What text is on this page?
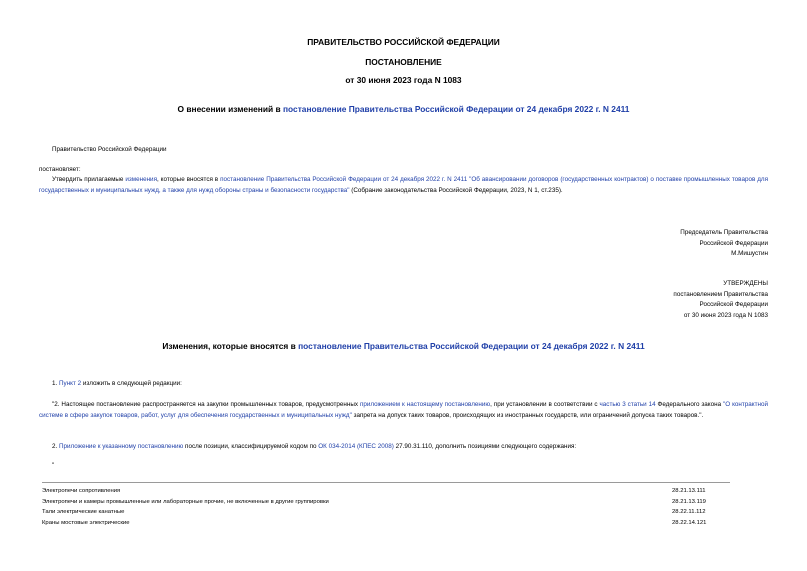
ПРАВИТЕЛЬСТВО РОССИЙСКОЙ ФЕДЕРАЦИИ
ПОСТАНОВЛЕНИЕ
от 30 июня 2023 года N 1083
О внесении изменений в постановление Правительства Российской Федерации от 24 декабря 2022 г. N 2411
Правительство Российской Федерации
постановляет:
Утвердить прилагаемые изменения, которые вносятся в постановление Правительства Российской Федерации от 24 декабря 2022 г. N 2411 "Об авансировании договоров (государственных контрактов) о поставке промышленных товаров для государственных и муниципальных нужд, а также для нужд обороны страны и безопасности государства" (Собрание законодательства Российской Федерации, 2023, N 1, ст.235).
Председатель Правительства
Российской Федерации
М.Мишустин
УТВЕРЖДЕНЫ
постановлением Правительства
Российской Федерации
от 30 июня 2023 года N 1083
Изменения, которые вносятся в постановление Правительства Российской Федерации от 24 декабря 2022 г. N 2411
1. Пункт 2 изложить в следующей редакции:
"2. Настоящее постановление распространяется на закупки промышленных товаров, предусмотренных приложением к настоящему постановлению, при установлении в соответствии с частью 3 статьи 14 Федерального закона "О контрактной системе в сфере закупок товаров, работ, услуг для обеспечения государственных и муниципальных нужд" запрета на допуск таких товаров, происходящих из иностранных государств, или ограничений допуска таких товаров.".
2. Приложение к указанному постановлению после позиции, классифицируемой кодом по ОК 034-2014 (КПЕС 2008) 27.90.31.110, дополнить позициями следующего содержания:
"
Электропечи сопротивления	28.21.13.111
Электропечи и камеры промышленные или лабораторные прочие, не включенные в другие группировки	28.21.13.119
Тали электрические канатные	28.22.11.112
Краны мостовые электрические	28.22.14.121
